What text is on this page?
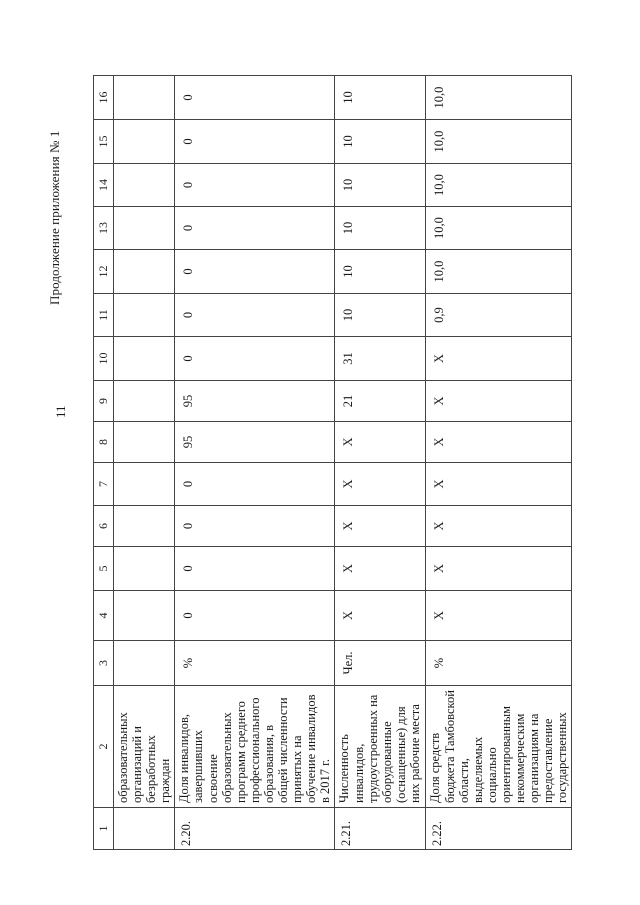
Продолжение приложения № 1
11
1	2	3	4	5	6	7	8	9	10	11	12	13	14	15	16

	образовательных организаций и безработных граждан														

2.20.	Доля инвалидов, завершивших освоение образовательных программ среднего профессионального образования, в общей численности принятых на обучение инвалидов в 2017 г.	%	0	0	0	0	95	95	0	0	0	0	0	0	0

2.21.	Численность инвалидов, трудоустроенных на оборудованные (оснащенные) для них рабочие места	Чел.	Х	Х	Х	Х	Х	21	31	10	10	10	10	10	10

2.22.	Доля средств бюджета Тамбовской области, выделяемых социально ориентированным некоммерческим организациям на предоставление государственных	%	Х	Х	Х	Х	Х	Х	Х	0,9	10,0	10,0	10,0	10,0	10,0
